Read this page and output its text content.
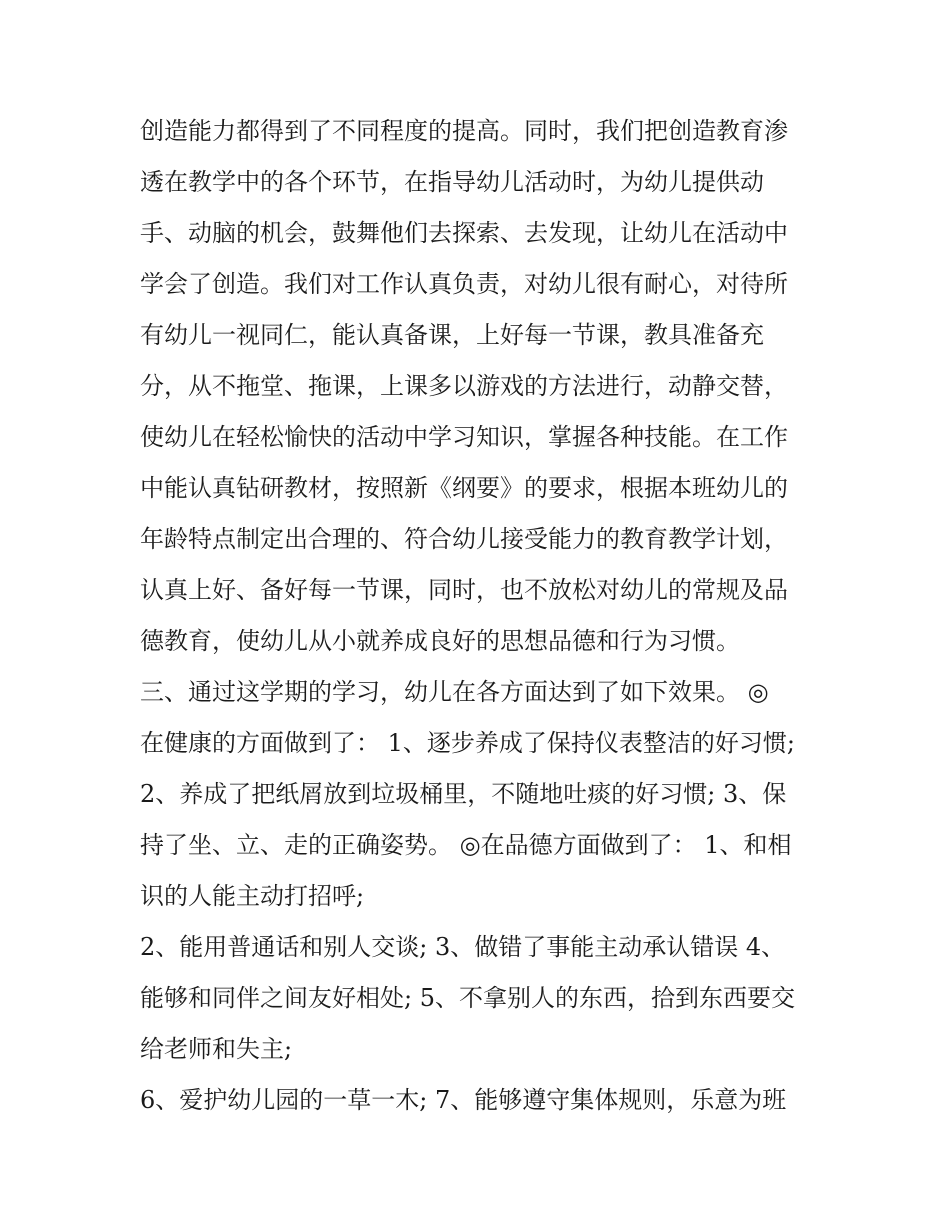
创造能力都得到了不同程度的提高。同时，我们把创造教育渗
透在教学中的各个环节，在指导幼儿活动时，为幼儿提供动
手、动脑的机会，鼓舞他们去探索、去发现，让幼儿在活动中
学会了创造。我们对工作认真负责，对幼儿很有耐心，对待所
有幼儿一视同仁，能认真备课，上好每一节课，教具准备充
分，从不拖堂、拖课，上课多以游戏的方法进行，动静交替，
使幼儿在轻松愉快的活动中学习知识，掌握各种技能。在工作
中能认真钻研教材，按照新《纲要》的要求，根据本班幼儿的
年龄特点制定出合理的、符合幼儿接受能力的教育教学计划，
认真上好、备好每一节课，同时，也不放松对幼儿的常规及品
德教育，使幼儿从小就养成良好的思想品德和行为习惯。
三、通过这学期的学习，幼儿在各方面达到了如下效果。 ◎
在健康的方面做到了： 1、逐步养成了保持仪表整洁的好习惯;
2、养成了把纸屑放到垃圾桶里，不随地吐痰的好习惯; 3、保
持了坐、立、走的正确姿势。 ◎在品德方面做到了： 1、和相
识的人能主动打招呼;
2、能用普通话和别人交谈; 3、做错了事能主动承认错误 4、
能够和同伴之间友好相处; 5、不拿别人的东西，拾到东西要交
给老师和失主;
6、爱护幼儿园的一草一木; 7、能够遵守集体规则，乐意为班
